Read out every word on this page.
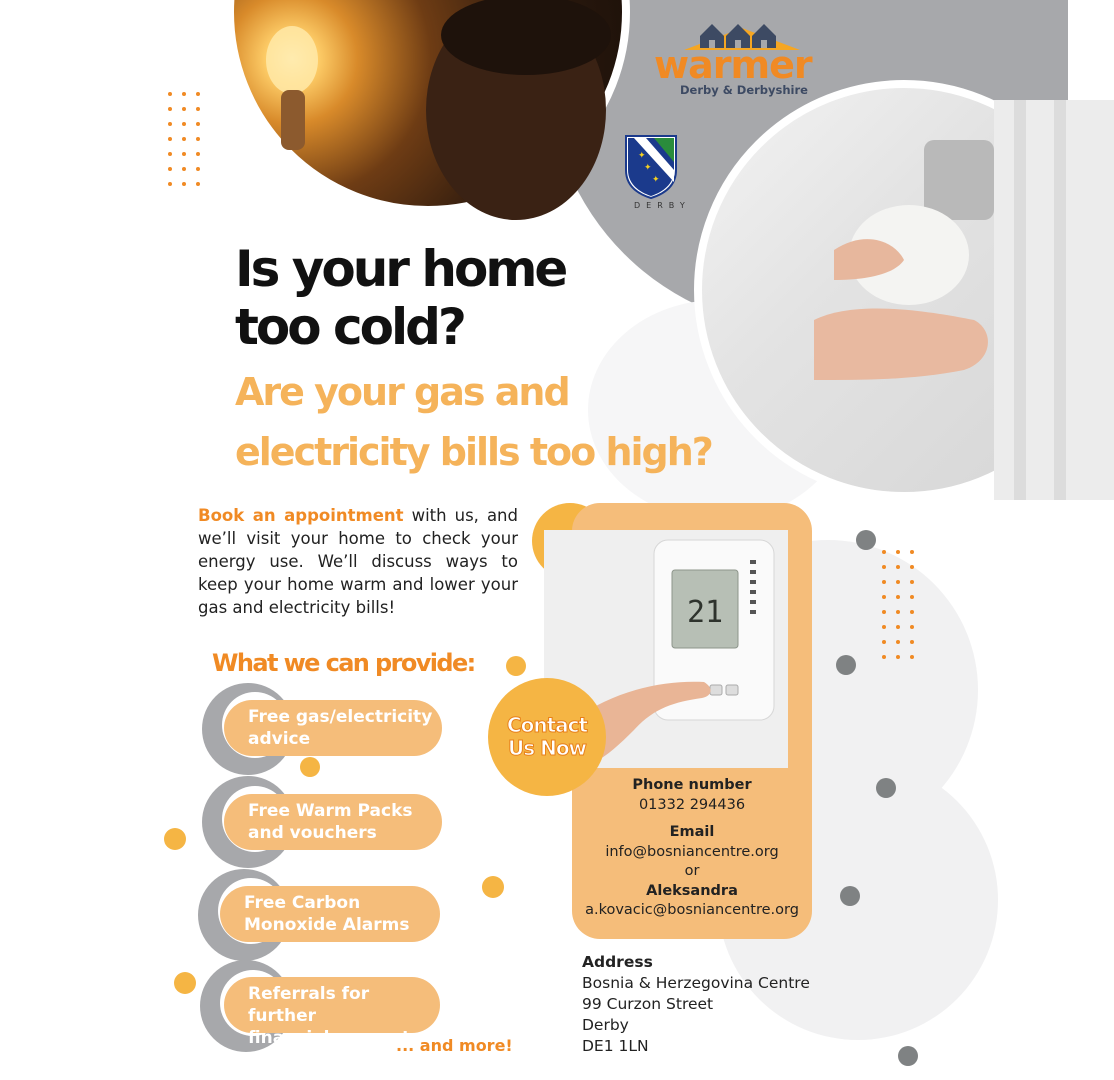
warmer
Derby & Derbyshire
✦
✦
✦
DERBY
Is your home
too cold?
Are your gas and
electricity bills too high?

Book an appointment with us, and we’ll visit your home to check your energy use. We’ll discuss ways to keep your home warm and lower your gas and electricity bills!

What we can provide:
Free gas/electricity
advice
Free Warm Packs
and vouchers
Free Carbon
Monoxide Alarms
Referrals for further
financial support
... and more!
21
Contact
Us Now
Phone number
01332 294436
Email
info@bosniancentre.org
or
Aleksandra
a.kovacic@bosniancentre.org
Address
Bosnia & Herzegovina Centre
99 Curzon Street
Derby
DE1 1LN
